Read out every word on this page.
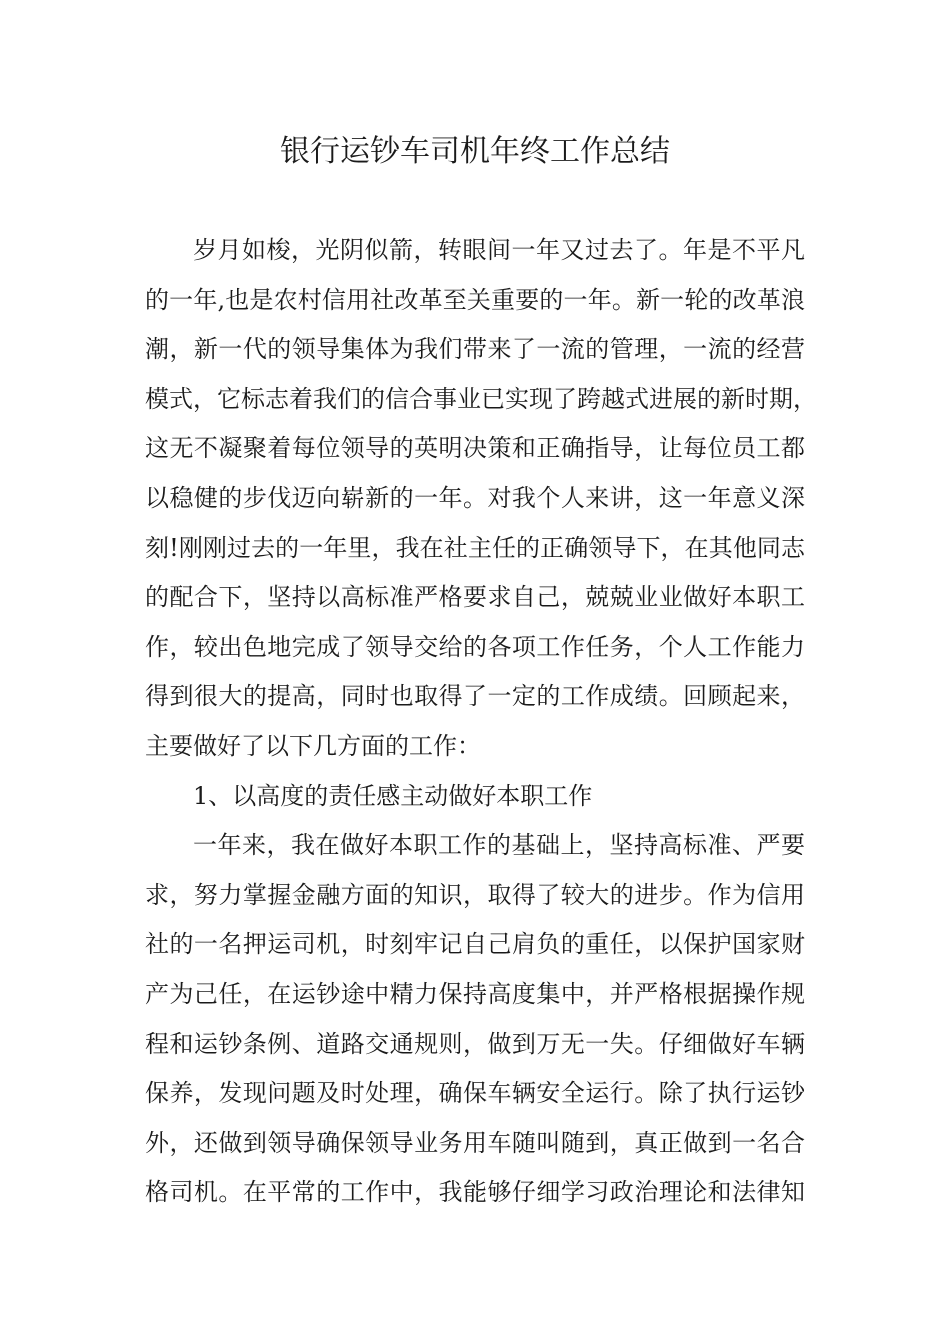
银行运钞车司机年终工作总结
岁月如梭，光阴似箭，转眼间一年又过去了。年是不平凡
的一年,也是农村信用社改革至关重要的一年。新一轮的改革浪
潮，新一代的领导集体为我们带来了一流的管理，一流的经营
模式，它标志着我们的信合事业已实现了跨越式进展的新时期，
这无不凝聚着每位领导的英明决策和正确指导，让每位员工都
以稳健的步伐迈向崭新的一年。对我个人来讲，这一年意义深
刻!刚刚过去的一年里，我在社主任的正确领导下，在其他同志
的配合下，坚持以高标准严格要求自己，兢兢业业做好本职工
作，较出色地完成了领导交给的各项工作任务，个人工作能力
得到很大的提高，同时也取得了一定的工作成绩。回顾起来，
主要做好了以下几方面的工作：
1、以高度的责任感主动做好本职工作
一年来，我在做好本职工作的基础上，坚持高标准、严要
求，努力掌握金融方面的知识，取得了较大的进步。作为信用
社的一名押运司机，时刻牢记自己肩负的重任，以保护国家财
产为己任，在运钞途中精力保持高度集中，并严格根据操作规
程和运钞条例、道路交通规则，做到万无一失。仔细做好车辆
保养，发现问题及时处理，确保车辆安全运行。除了执行运钞
外，还做到领导确保领导业务用车随叫随到，真正做到一名合
格司机。在平常的工作中，我能够仔细学习政治理论和法律知
